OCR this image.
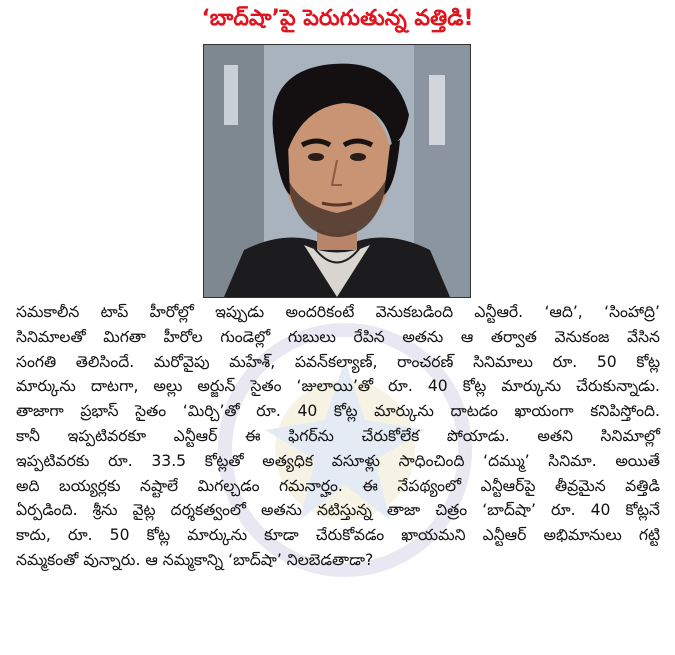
‘బాద్‌షా’పై పెరుగుతున్న వత్తిడి!

సమకాలీన టాప్ హీరోల్లో ఇప్పుడు అందరికంటే వెనుకబడింది ఎన్టీఆరే. ‘ఆది’, ‘సింహాద్రి’
సినిమాలతో మిగతా హీరోల గుండెల్లో గుబులు రేపిన అతను ఆ తర్వాత వెనుకంజ వేసిన
సంగతి తెలిసిందే. మరోవైపు మహేశ్, పవన్‌కల్యాణ్, రాంచరణ్ సినిమాలు రూ. 50 కోట్ల
మార్కును దాటగా, అల్లు అర్జున్ సైతం ‘జులాయి’తో రూ. 40 కోట్ల మార్కును చేరుకున్నాడు.
తాజాగా ప్రభాస్ సైతం ‘మిర్చి’తో రూ. 40 కోట్ల మార్కును దాటడం ఖాయంగా కనిపిస్తోంది.
కానీ ఇప్పటివరకూ ఎన్టీఆర్ ఈ ఫిగర్‌ను చేరుకోలేక పోయాడు. అతని సినిమాల్లో
ఇప్పటివరకు రూ. 33.5 కోట్లతో అత్యధిక వసూళ్లు సాధించింది ‘దమ్ము’ సినిమా. అయితే
అది బయ్యర్లకు నష్టాలే మిగల్చడం గమనార్హం. ఈ నేపథ్యంలో ఎన్టీఆర్‌పై తీవ్రమైన వత్తిడి
ఏర్పడింది. శ్రీను వైట్ల దర్శకత్వంలో అతను నటిస్తున్న తాజా చిత్రం ‘బాద్‌షా’ రూ. 40 కోట్లనే
కాదు, రూ. 50 కోట్ల మార్కును కూడా చేరుకోవడం ఖాయమని ఎన్టీఆర్ అభిమానులు గట్టి
నమ్మకంతో వున్నారు. ఆ నమ్మకాన్ని ‘బాద్‌షా’ నిలబెడతాడా?
